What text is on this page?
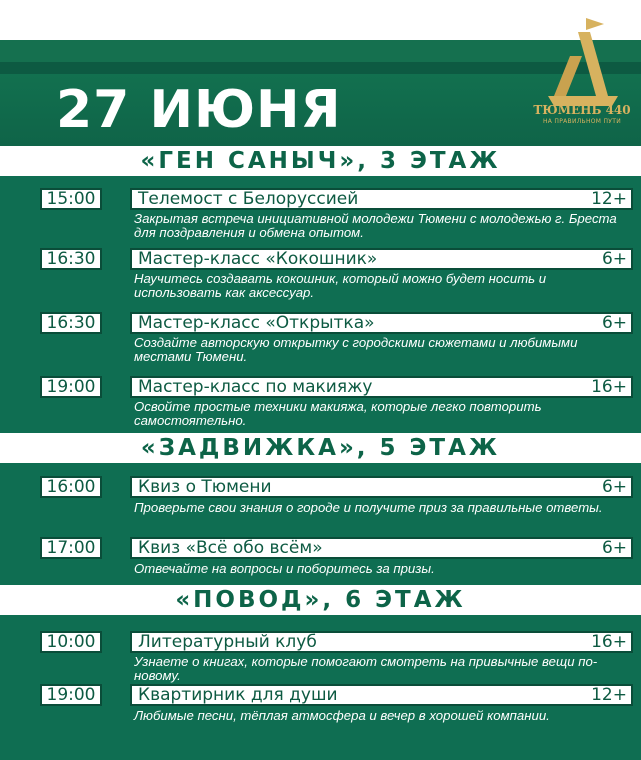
27 ИЮНЯ	ТЮМЕНЬ 440
НА ПРАВИЛЬНОМ ПУТИ
«ГЕН САНЫЧ», 3 ЭТАЖ
15:00	Телемост с Белоруссией	12+
Закрытая встреча инициативной молодежи Тюмени с молодежью г. Бреста для поздравления и обмена опытом.
16:30	Мастер-класс «Кокошник»	6+
Научитесь создавать кокошник, который можно будет носить и использовать как аксессуар.
16:30	Мастер-класс «Открытка»	6+
Создайте авторскую открытку с городскими сюжетами и любимыми местами Тюмени.
19:00	Мастер-класс по макияжу	16+
Освойте простые техники макияжа, которые легко повторить самостоятельно.
«ЗАДВИЖКА», 5 ЭТАЖ
16:00	Квиз о Тюмени	6+
Проверьте свои знания о городе и получите приз за правильные ответы.
17:00	Квиз «Всё обо всём»	6+
Отвечайте на вопросы и поборитесь за призы.
«ПОВОД», 6 ЭТАЖ
10:00	Литературный клуб	16+
Узнаете о книгах, которые помогают смотреть на привычные вещи по-новому.
19:00	Квартирник для души	12+
Любимые песни, тёплая атмосфера и вечер в хорошей компании.
